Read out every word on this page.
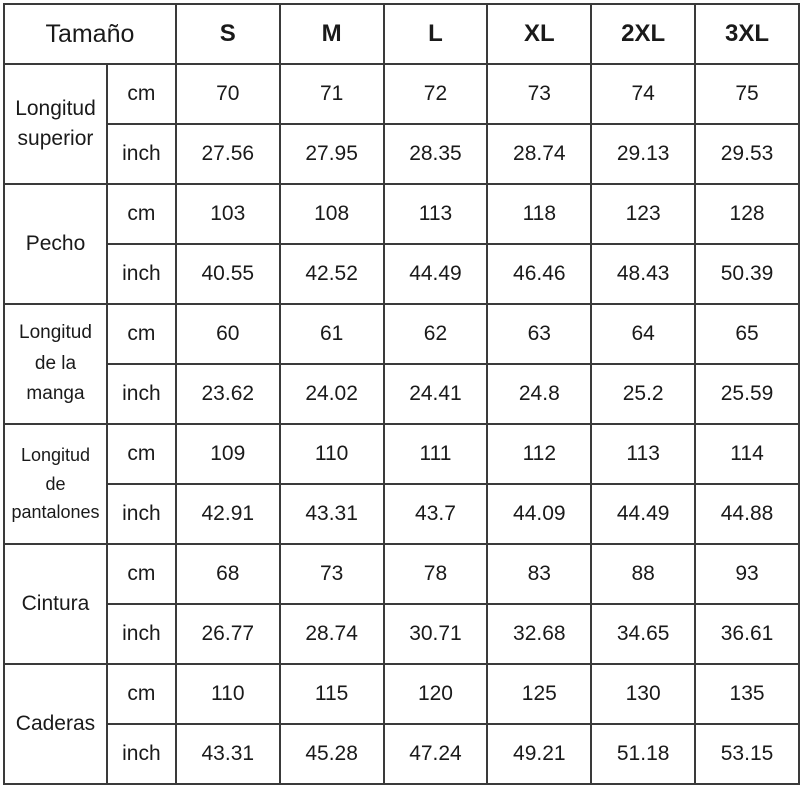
Tamaño		S	M	L	XL	2XL	3XL

Longitud
superior	cm	70	71	72	73	74	75
	inch	27.56	27.95	28.35	28.74	29.13	29.53

Pecho	cm	103	108	113	118	123	128
	inch	40.55	42.52	44.49	46.46	48.43	50.39

Longitud
de la
manga	cm	60	61	62	63	64	65
	inch	23.62	24.02	24.41	24.8	25.2	25.59

Longitud
de
pantalones	cm	109	110	111	112	113	114
	inch	42.91	43.31	43.7	44.09	44.49	44.88

Cintura	cm	68	73	78	83	88	93
	inch	26.77	28.74	30.71	32.68	34.65	36.61

Caderas	cm	110	115	120	125	130	135
	inch	43.31	45.28	47.24	49.21	51.18	53.15
